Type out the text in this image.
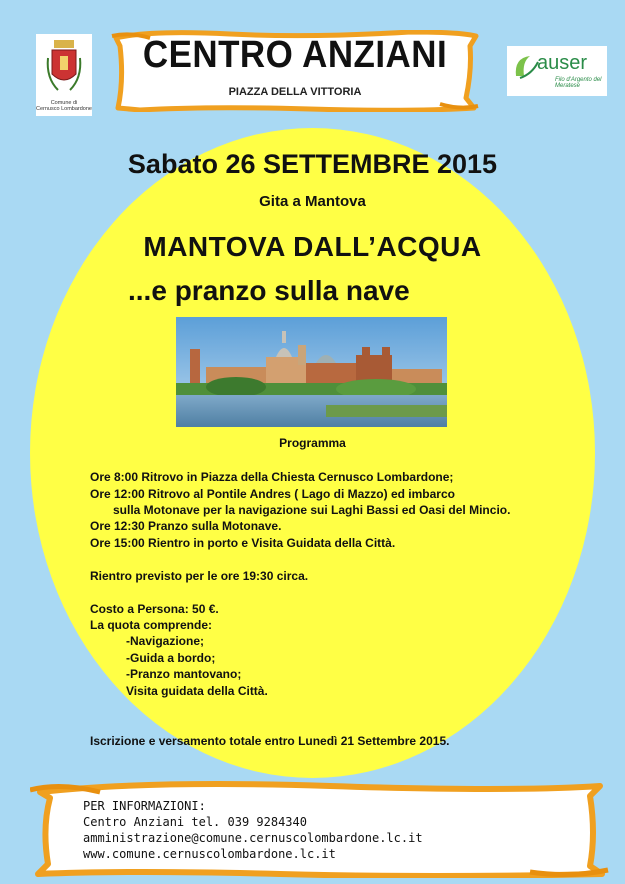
CENTRO ANZIANI
PIAZZA DELLA VITTORIA
Comune di
Cernusco Lombardone
auser
Filo d'Argento del Meratese
Sabato 26 SETTEMBRE 2015
Gita a Mantova
MANTOVA DALL’ACQUA
...e pranzo sulla nave
Programma
Ore 8:00 Ritrovo in Piazza della Chiesta Cernusco Lombardone;
Ore 12:00 Ritrovo al Pontile Andres ( Lago di Mazzo) ed imbarco
sulla Motonave per la navigazione sui Laghi Bassi ed Oasi del Mincio.
Ore 12:30 Pranzo sulla Motonave.
Ore 15:00 Rientro in porto e Visita Guidata della Città.
Rientro previsto per le ore 19:30 circa.
Costo a Persona: 50 €.
La quota comprende:
-Navigazione;
-Guida a bordo;
-Pranzo mantovano;
Visita guidata della Città.
Iscrizione e versamento totale entro Lunedì 21 Settembre 2015.
PER INFORMAZIONI:
Centro Anziani tel. 039 9284340
amministrazione@comune.cernuscolombardone.lc.it
www.comune.cernuscolombardone.lc.it
